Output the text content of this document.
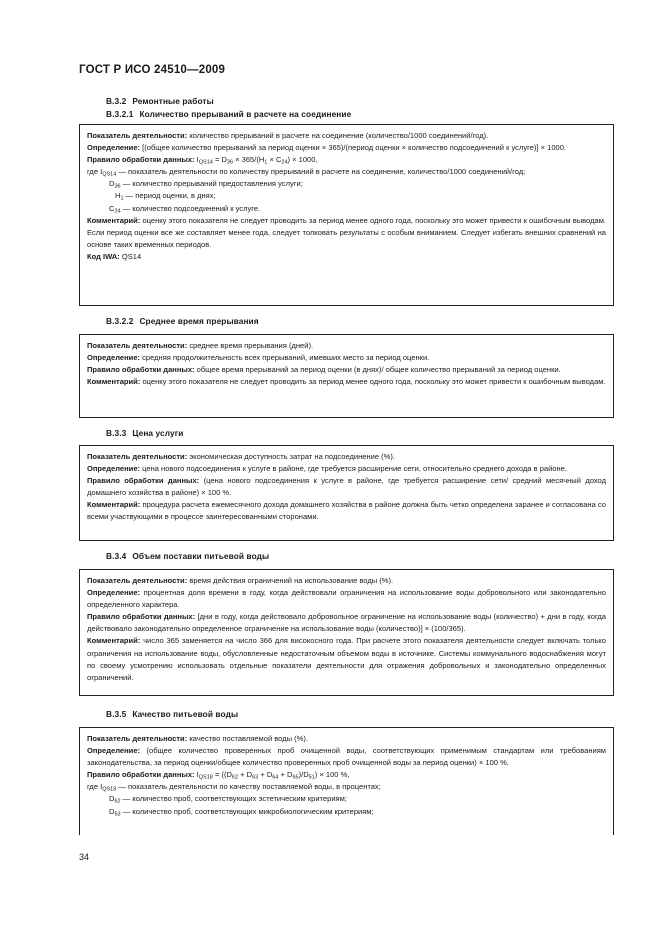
ГОСТ Р ИСО 24510—2009
В.3.2 Ремонтные работы
В.3.2.1 Количество прерываний в расчете на соединение

Показатель деятельности: количество прерываний в расчете на соединение (количество/1000 соединений/год).

Определение: [(общее количество прерываний за период оценки × 365)/(период оценки × количество подсоединений к услуге)] × 1000.

Правило обработки данных: $I_{QS14} = D_{36} \times 365/(H_1 \times C_{24}) \times 1000$,

где $I_{QS14}$ — показатель деятельности по количеству прерываний в расчете на соединение, количество/1000 соединений/год;

$D_{36}$ — количество прерываний предоставления услуги;

$H_1$ — период оценки, в днях;

$C_{24}$ — количество подсоединений к услуге.

Комментарий: оценку этого показателя не следует проводить за период менее одного года, поскольку это может привести к ошибочным выводам. Если период оценки все же составляет менее года, следует толковать результаты с особым вниманием. Следует избегать внешних сравнений на основе таких временных периодов.

Код IWA: QS14

В.3.2.2 Среднее время прерывания

Показатель деятельности: среднее время прерывания (дней).

Определение: средняя продолжительность всех прерываний, имевших место за период оценки.

Правило обработки данных: общее время прерываний за период оценки (в днях)/ общее количество прерываний за период оценки.

Комментарий: оценку этого показателя не следует проводить за период менее одного года, поскольку это может привести к ошибочным выводам.

В.3.3 Цена услуги

Показатель деятельности: экономическая доступность затрат на подсоединение (%).

Определение: цена нового подсоединения к услуге в районе, где требуется расширение сети, относительно среднего дохода в районе.

Правило обработки данных: (цена нового подсоединения к услуге в районе, где требуется расширение сети/ средний месячный доход домашнего хозяйства в районе) × 100 %.

Комментарий: процедура расчета ежемесячного дохода домашнего хозяйства в районе должна быть четко определена заранее и согласована со всеми участвующими в процессе заинтересованными сторонами.

В.3.4 Объем поставки питьевой воды

Показатель деятельности: время действия ограничений на использование воды (%).

Определение: процентная доля времени в году, когда действовали ограничения на использование воды добровольного или законодательно определенного характера.

Правило обработки данных: [дни в году, когда действовало добровольное ограничение на использование воды (количество) + дни в году, когда действовало законодательно определенное ограничение на использование воды (количество)] × (100/365).

Комментарий: число 365 заменяется на число 366 для високосного года. При расчете этого показателя деятельности следует включать только ограничения на использование воды, обусловленные недостаточным объемом воды в источнике. Системы коммунального водоснабжения могут по своему усмотрению использовать отдельные показатели деятельности для отражения добровольных и законодательно определенных ограничений.

В.3.5 Качество питьевой воды

Показатель деятельности: качество поставляемой воды (%).

Определение: (общее количество проверенных проб очищенной воды, соответствующих применимым стандартам или требованиям законодательства, за период оценки/общее количество проверенных проб очищенной воды за период оценки) × 100 %.

Правило обработки данных: $I_{QS18} = ((D_{62} + D_{63} + D_{64} + D_{65})/D_{51}) \times 100$ %,

где $I_{QS18}$ — показатель деятельности по качеству поставляемой воды, в процентах;

$D_{62}$ — количество проб, соответствующих эстетическим критериям;

$D_{63}$ — количество проб, соответствующих микробиологическим критериям;

34
